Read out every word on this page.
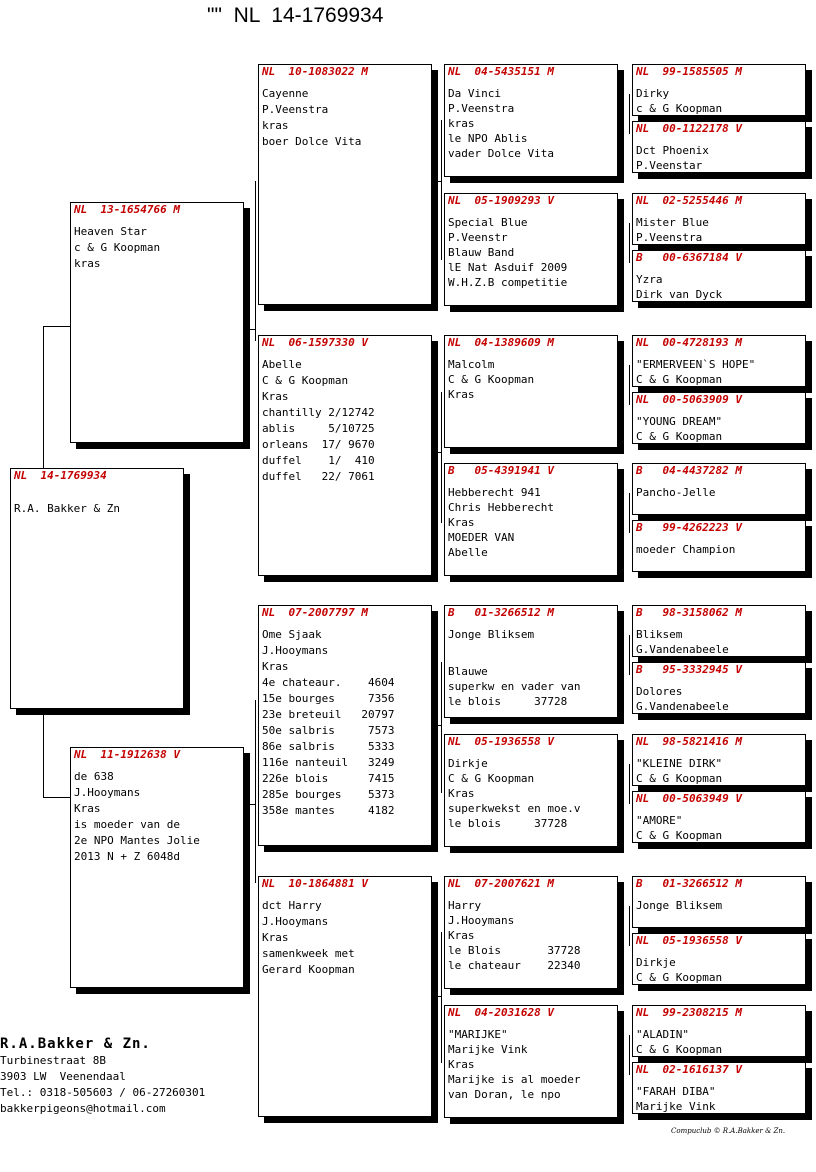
""  NL  14-1769934
NL  14-1769934
R.A. Bakker & Zn
NL  13-1654766 M
Heaven Star
c & G Koopman
kras
NL  11-1912638 V
de 638
J.Hooymans
Kras
is moeder van de
2e NPO Mantes Jolie
2013 N + Z 6048d
NL  10-1083022 M
Cayenne
P.Veenstra
kras
boer Dolce Vita
NL  06-1597330 V
Abelle
C & G Koopman
Kras
chantilly 2/12742
ablis     5/10725
orleans  17/ 9670
duffel    1/  410
duffel   22/ 7061
NL  07-2007797 M
Ome Sjaak
J.Hooymans
Kras
4e chateaur.    4604
15e bourges     7356
23e breteuil   20797
50e salbris     7573
86e salbris     5333
116e nanteuil   3249
226e blois      7415
285e bourges    5373
358e mantes     4182
NL  10-1864881 V
dct Harry
J.Hooymans
Kras
samenkweek met
Gerard Koopman
NL  04-5435151 M
Da Vinci
P.Veenstra
kras
le NPO Ablis
vader Dolce Vita
NL  05-1909293 V
Special Blue
P.Veenstr
Blauw Band
lE Nat Asduif 2009
W.H.Z.B competitie
NL  04-1389609 M
Malcolm
C & G Koopman
Kras
B   05-4391941 V
Hebberecht 941
Chris Hebberecht
Kras
MOEDER VAN
Abelle
B   01-3266512 M
Jonge Bliksem
Blauwe
superkw en vader van
le blois     37728
NL  05-1936558 V
Dirkje
C & G Koopman
Kras
superkwekst en moe.v
le blois     37728
NL  07-2007621 M
Harry
J.Hooymans
Kras
le Blois       37728
le chateaur    22340
NL  04-2031628 V
"MARIJKE"
Marijke Vink
Kras
Marijke is al moeder
van Doran, le npo
NL  99-1585505 M
Dirky
c & G Koopman
NL  00-1122178 V
Dct Phoenix
P.Veenstar
NL  02-5255446 M
Mister Blue
P.Veenstra
B   00-6367184 V
Yzra
Dirk van Dyck
NL  00-4728193 M
"ERMERVEEN`S HOPE"
C & G Koopman
NL  00-5063909 V
"YOUNG DREAM"
C & G Koopman
B   04-4437282 M
Pancho-Jelle
B   99-4262223 V
moeder Champion
B   98-3158062 M
Bliksem
G.Vandenabeele
B   95-3332945 V
Dolores
G.Vandenabeele
NL  98-5821416 M
"KLEINE DIRK"
C & G Koopman
NL  00-5063949 V
"AMORE"
C & G Koopman
B   01-3266512 M
Jonge Bliksem
NL  05-1936558 V
Dirkje
C & G Koopman
NL  99-2308215 M
"ALADIN"
C & G Koopman
NL  02-1616137 V
"FARAH DIBA"
Marijke Vink
R.A.Bakker & Zn.
Turbinestraat 8B
3903 LW  Veenendaal
Tel.: 0318-505603 / 06-27260301
bakkerpigeons@hotmail.com
Compuclub © R.A.Bakker & Zn.
